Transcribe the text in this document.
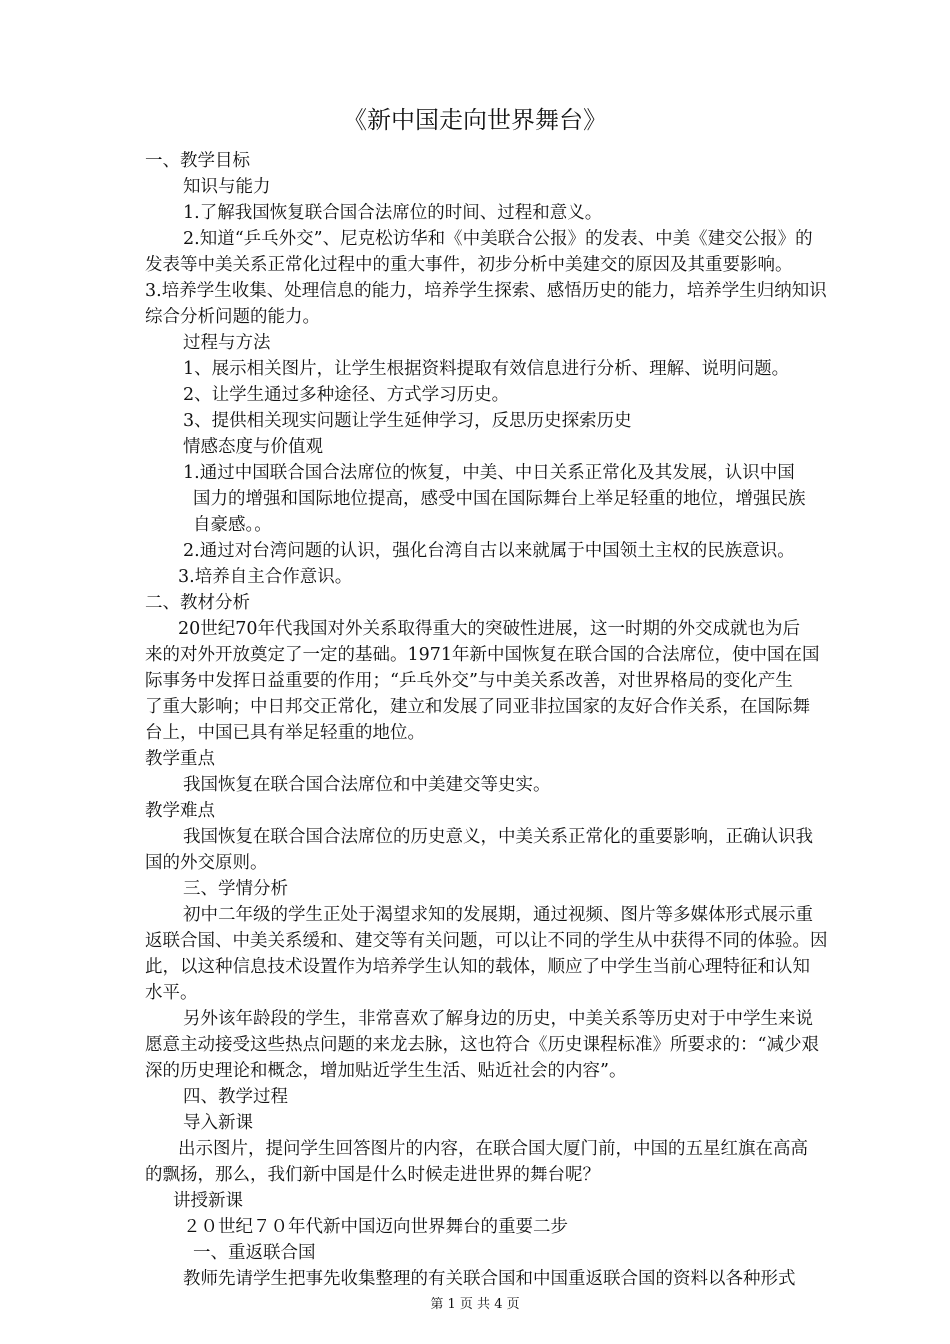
《新中国走向世界舞台》
一、教学目标
知识与能力
1.了解我国恢复联合国合法席位的时间、过程和意义。
2.知道“乒乓外交”、尼克松访华和《中美联合公报》的发表、中美《建交公报》的
发表等中美关系正常化过程中的重大事件，初步分析中美建交的原因及其重要影响。
3.培养学生收集、处理信息的能力，培养学生探索、感悟历史的能力，培养学生归纳知识
综合分析问题的能力。
过程与方法
1、展示相关图片，让学生根据资料提取有效信息进行分析、理解、说明问题。
2、让学生通过多种途径、方式学习历史。
3、提供相关现实问题让学生延伸学习，反思历史探索历史
情感态度与价值观
1.通过中国联合国合法席位的恢复，中美、中日关系正常化及其发展，认识中国
国力的增强和国际地位提高，感受中国在国际舞台上举足轻重的地位，增强民族
自豪感。。
2.通过对台湾问题的认识，强化台湾自古以来就属于中国领土主权的民族意识。
3.培养自主合作意识。
二、教材分析
20世纪70年代我国对外关系取得重大的突破性进展，这一时期的外交成就也为后
来的对外开放奠定了一定的基础。1971年新中国恢复在联合国的合法席位，使中国在国
际事务中发挥日益重要的作用；“乒乓外交”与中美关系改善，对世界格局的变化产生
了重大影响；中日邦交正常化，建立和发展了同亚非拉国家的友好合作关系，在国际舞
台上，中国已具有举足轻重的地位。
教学重点
我国恢复在联合国合法席位和中美建交等史实。
教学难点
我国恢复在联合国合法席位的历史意义，中美关系正常化的重要影响，正确认识我
国的外交原则。
三、学情分析
初中二年级的学生正处于渴望求知的发展期，通过视频、图片等多媒体形式展示重
返联合国、中美关系缓和、建交等有关问题，可以让不同的学生从中获得不同的体验。因
此，以这种信息技术设置作为培养学生认知的载体，顺应了中学生当前心理特征和认知
水平。
另外该年龄段的学生，非常喜欢了解身边的历史，中美关系等历史对于中学生来说
愿意主动接受这些热点问题的来龙去脉，这也符合《历史课程标准》所要求的：“减少艰
深的历史理论和概念，增加贴近学生生活、贴近社会的内容”。
四、教学过程
导入新课
出示图片，提问学生回答图片的内容，在联合国大厦门前，中国的五星红旗在高高
的飘扬，那么，我们新中国是什么时候走进世界的舞台呢？
讲授新课
２０世纪７０年代新中国迈向世界舞台的重要二步
一、重返联合国
教师先请学生把事先收集整理的有关联合国和中国重返联合国的资料以各种形式
第 1 页 共 4 页
